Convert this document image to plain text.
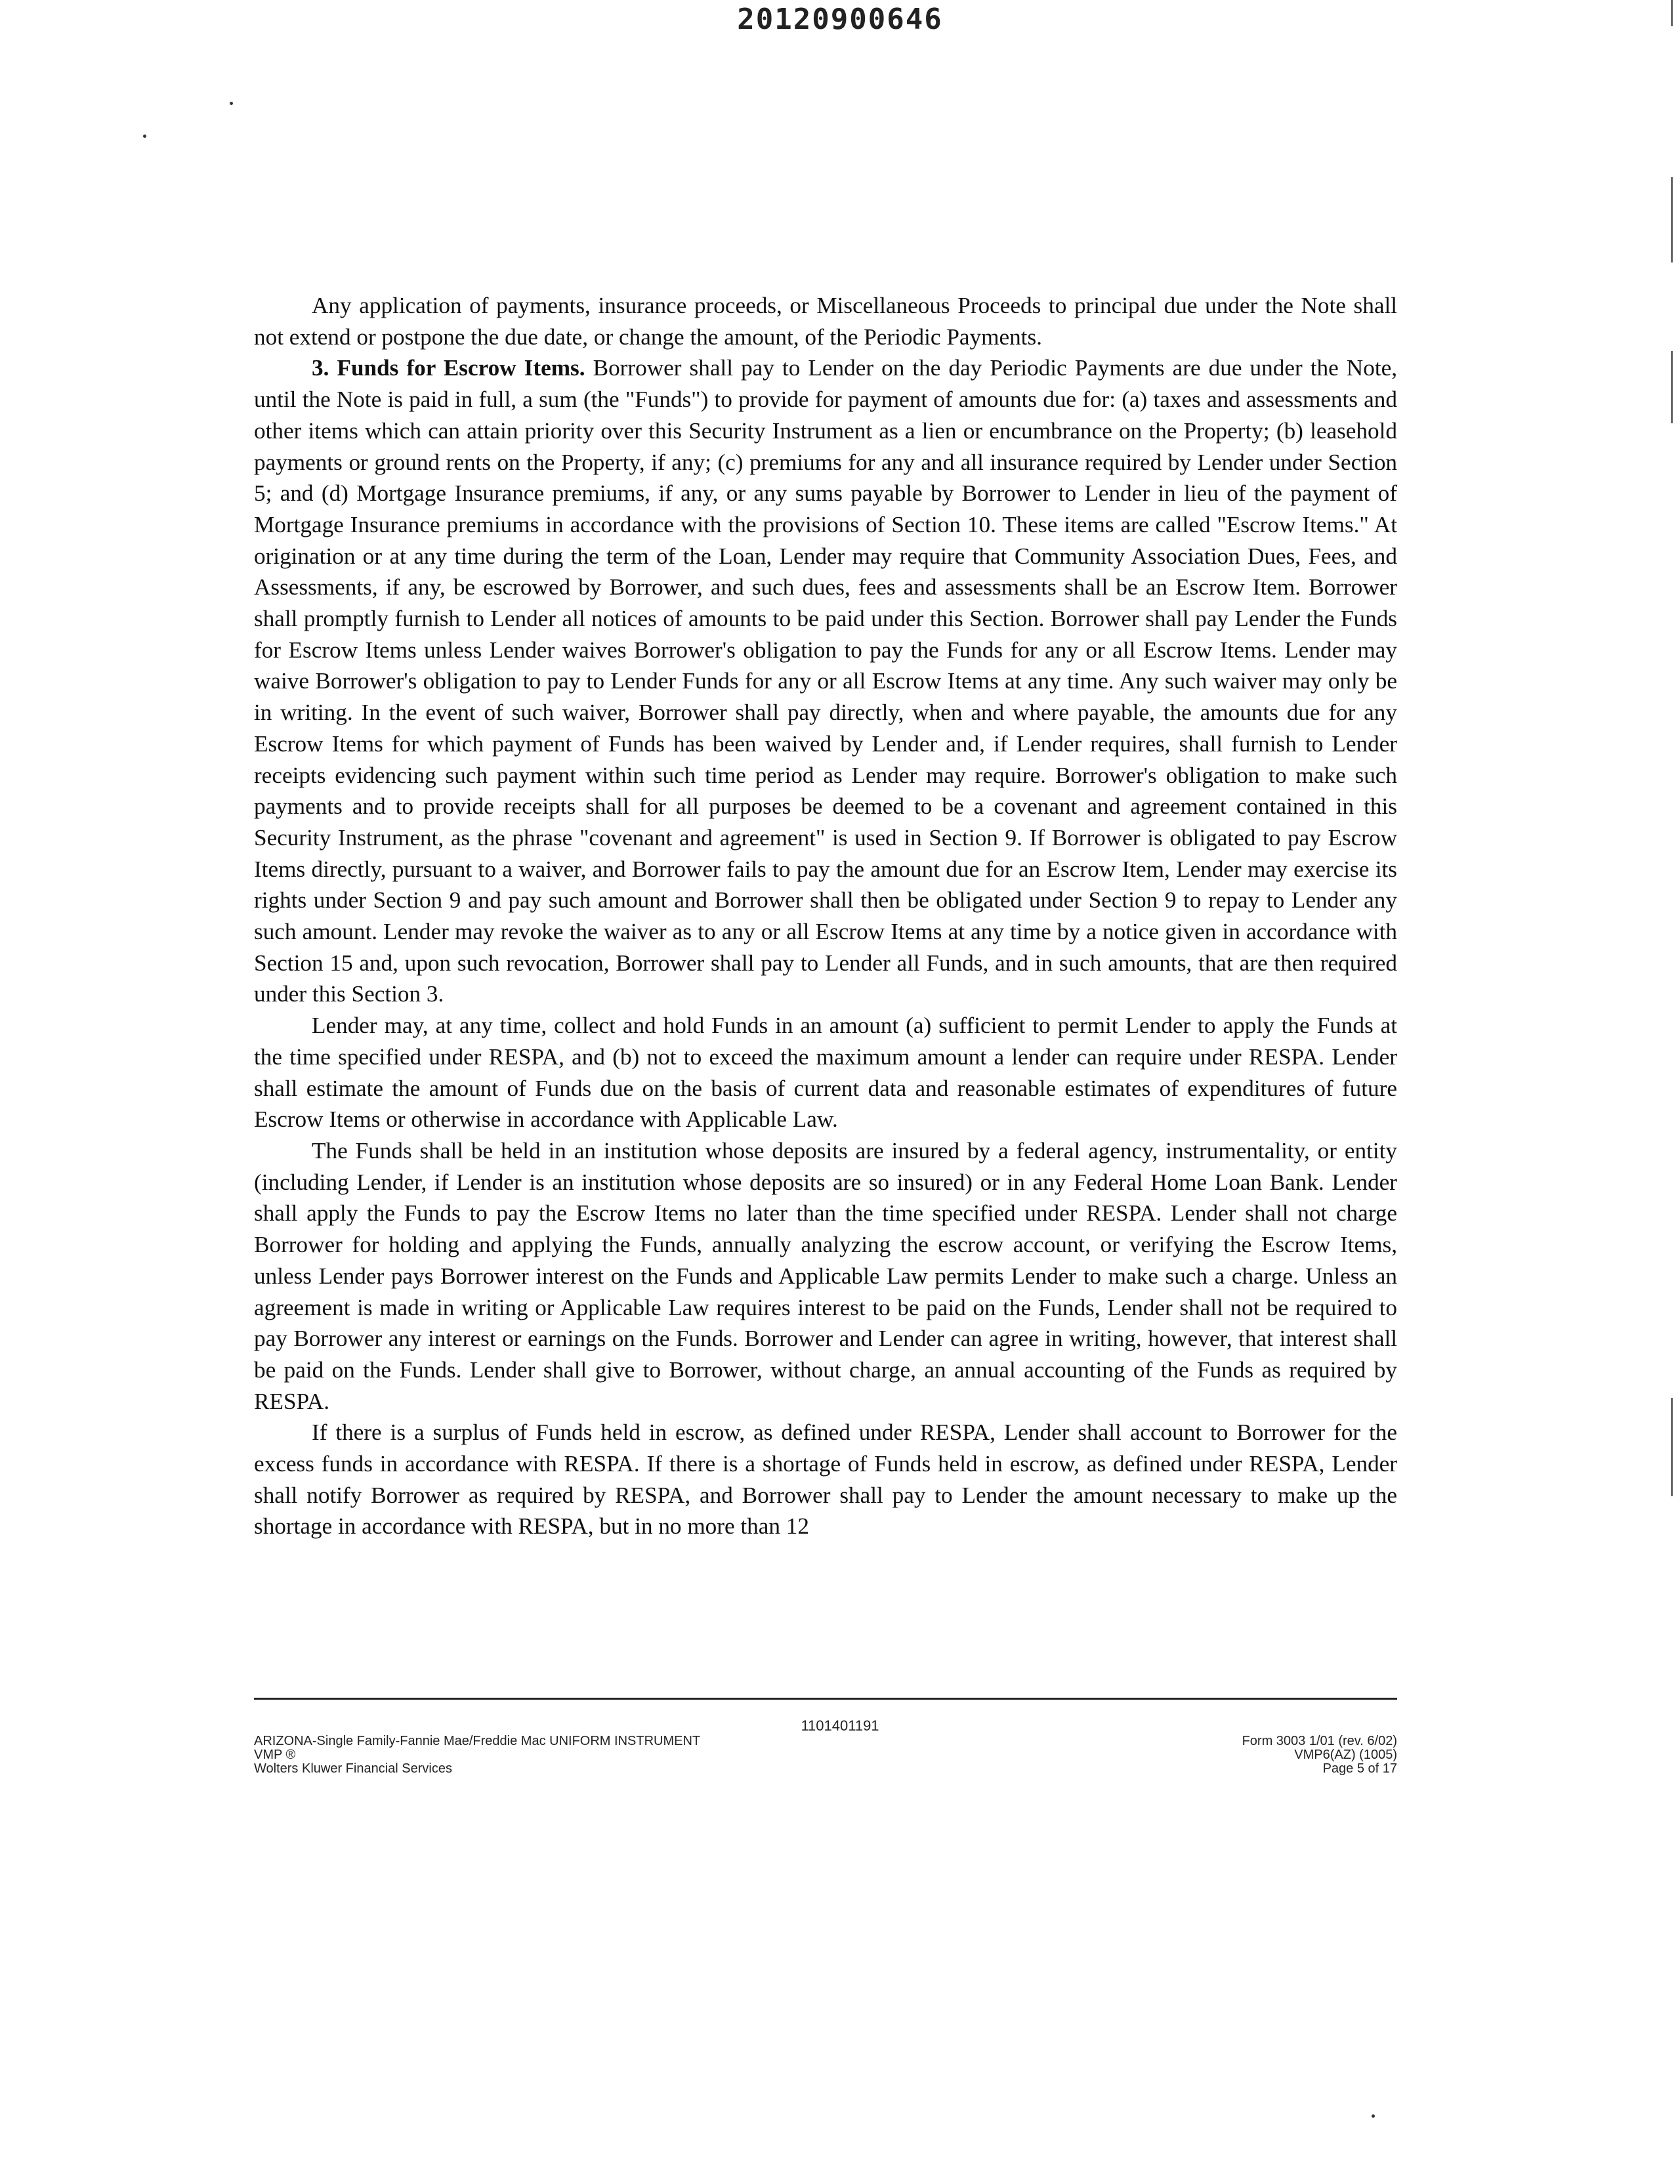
20120900646

Any application of payments, insurance proceeds, or Miscellaneous Proceeds to principal due under the Note shall not extend or postpone the due date, or change the amount, of the Periodic Payments.

3. Funds for Escrow Items. Borrower shall pay to Lender on the day Periodic Payments are due under the Note, until the Note is paid in full, a sum (the "Funds") to provide for payment of amounts due for: (a) taxes and assessments and other items which can attain priority over this Security Instrument as a lien or encumbrance on the Property; (b) leasehold payments or ground rents on the Property, if any; (c) premiums for any and all insurance required by Lender under Section 5; and (d) Mortgage Insurance premiums, if any, or any sums payable by Borrower to Lender in lieu of the payment of Mortgage Insurance premiums in accordance with the provisions of Section 10. These items are called "Escrow Items." At origination or at any time during the term of the Loan, Lender may require that Community Association Dues, Fees, and Assessments, if any, be escrowed by Borrower, and such dues, fees and assessments shall be an Escrow Item. Borrower shall promptly furnish to Lender all notices of amounts to be paid under this Section. Borrower shall pay Lender the Funds for Escrow Items unless Lender waives Borrower's obligation to pay the Funds for any or all Escrow Items. Lender may waive Borrower's obligation to pay to Lender Funds for any or all Escrow Items at any time. Any such waiver may only be in writing. In the event of such waiver, Borrower shall pay directly, when and where payable, the amounts due for any Escrow Items for which payment of Funds has been waived by Lender and, if Lender requires, shall furnish to Lender receipts evidencing such payment within such time period as Lender may require. Borrower's obligation to make such payments and to provide receipts shall for all purposes be deemed to be a covenant and agreement contained in this Security Instrument, as the phrase "covenant and agreement" is used in Section 9. If Borrower is obligated to pay Escrow Items directly, pursuant to a waiver, and Borrower fails to pay the amount due for an Escrow Item, Lender may exercise its rights under Section 9 and pay such amount and Borrower shall then be obligated under Section 9 to repay to Lender any such amount. Lender may revoke the waiver as to any or all Escrow Items at any time by a notice given in accordance with Section 15 and, upon such revocation, Borrower shall pay to Lender all Funds, and in such amounts, that are then required under this Section 3.

Lender may, at any time, collect and hold Funds in an amount (a) sufficient to permit Lender to apply the Funds at the time specified under RESPA, and (b) not to exceed the maximum amount a lender can require under RESPA. Lender shall estimate the amount of Funds due on the basis of current data and reasonable estimates of expenditures of future Escrow Items or otherwise in accordance with Applicable Law.

The Funds shall be held in an institution whose deposits are insured by a federal agency, instrumentality, or entity (including Lender, if Lender is an institution whose deposits are so insured) or in any Federal Home Loan Bank. Lender shall apply the Funds to pay the Escrow Items no later than the time specified under RESPA. Lender shall not charge Borrower for holding and applying the Funds, annually analyzing the escrow account, or verifying the Escrow Items, unless Lender pays Borrower interest on the Funds and Applicable Law permits Lender to make such a charge. Unless an agreement is made in writing or Applicable Law requires interest to be paid on the Funds, Lender shall not be required to pay Borrower any interest or earnings on the Funds. Borrower and Lender can agree in writing, however, that interest shall be paid on the Funds. Lender shall give to Borrower, without charge, an annual accounting of the Funds as required by RESPA.

If there is a surplus of Funds held in escrow, as defined under RESPA, Lender shall account to Borrower for the excess funds in accordance with RESPA. If there is a shortage of Funds held in escrow, as defined under RESPA, Lender shall notify Borrower as required by RESPA, and Borrower shall pay to Lender the amount necessary to make up the shortage in accordance with RESPA, but in no more than 12

1101401191
ARIZONA-Single Family-Fannie Mae/Freddie Mac UNIFORM INSTRUMENT
VMP ®
Wolters Kluwer Financial Services
Form 3003 1/01 (rev. 6/02)
VMP6(AZ) (1005)
Page 5 of 17
